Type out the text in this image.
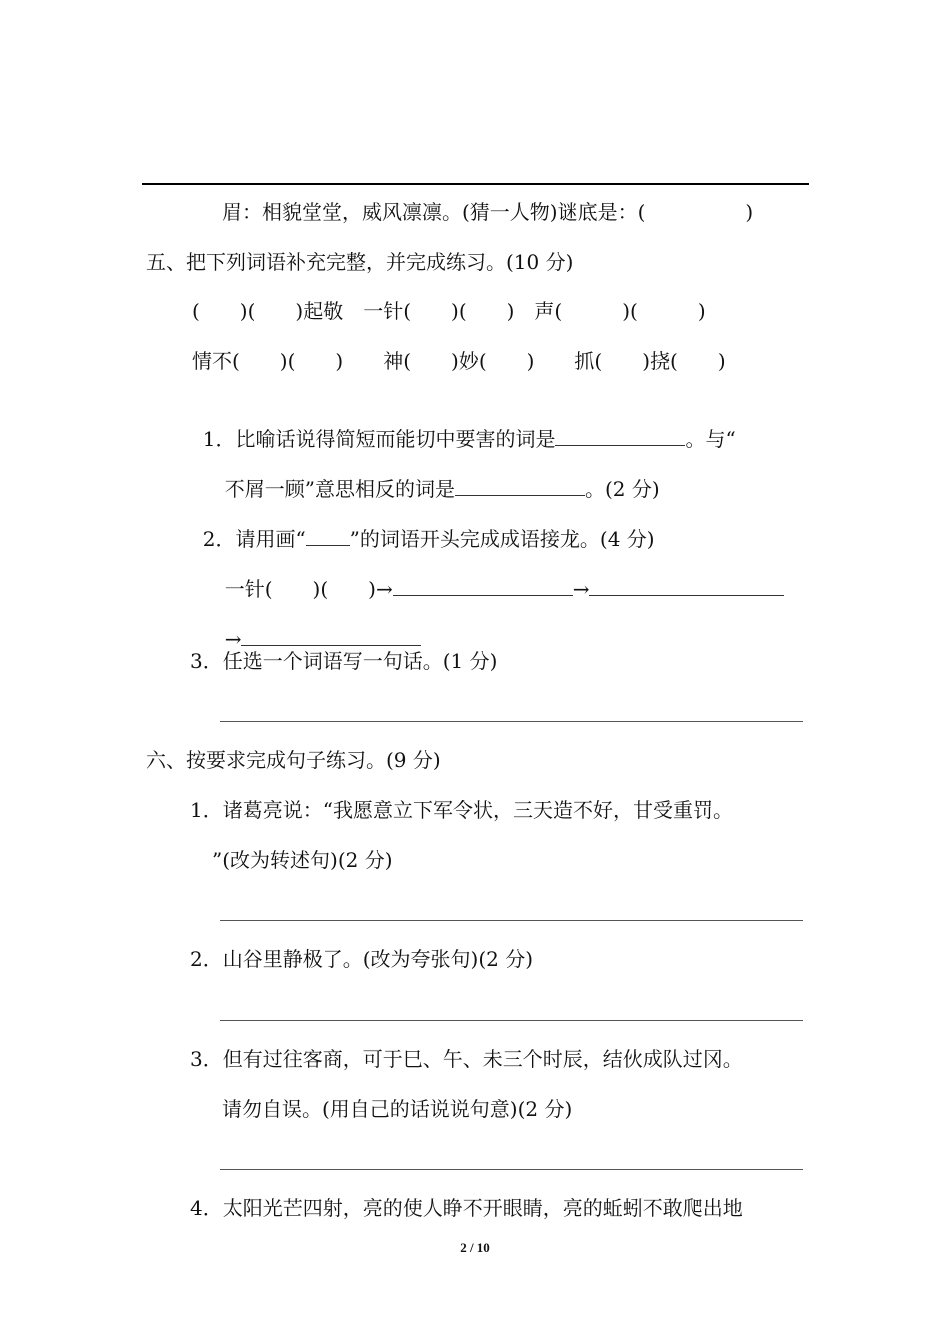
眉：相貌堂堂，威风凛凛。(猜一人物)谜底是：(　　　　　)
五、把下列词语补充完整，并完成练习。(10 分)
(　　)(　　)起敬　一针(　　)(　　)　声(　　　)(　　　)
情不(　　)(　　)　　神(　　)妙(　　)　　抓(　　)挠(　　)

1．比喻话说得简短而能切中要害的词是	。与“

不屑一顾”意思相反的词是	。(2 分)

2．请用画“ ”的词语开头完成成语接龙。(4 分)

一针(　　)(　　)→	→

→

3．任选一个词语写一句话。(1 分)
六、按要求完成句子练习。(9 分)
1．诸葛亮说：“我愿意立下军令状，三天造不好，甘受重罚。
”(改为转述句)(2 分)
2．山谷里静极了。(改为夸张句)(2 分)
3．但有过往客商，可于巳、午、未三个时辰，结伙成队过冈。
请勿自误。(用自己的话说说句意)(2 分)
4．太阳光芒四射，亮的使人睁不开眼睛，亮的蚯蚓不敢爬出地
2 / 10
